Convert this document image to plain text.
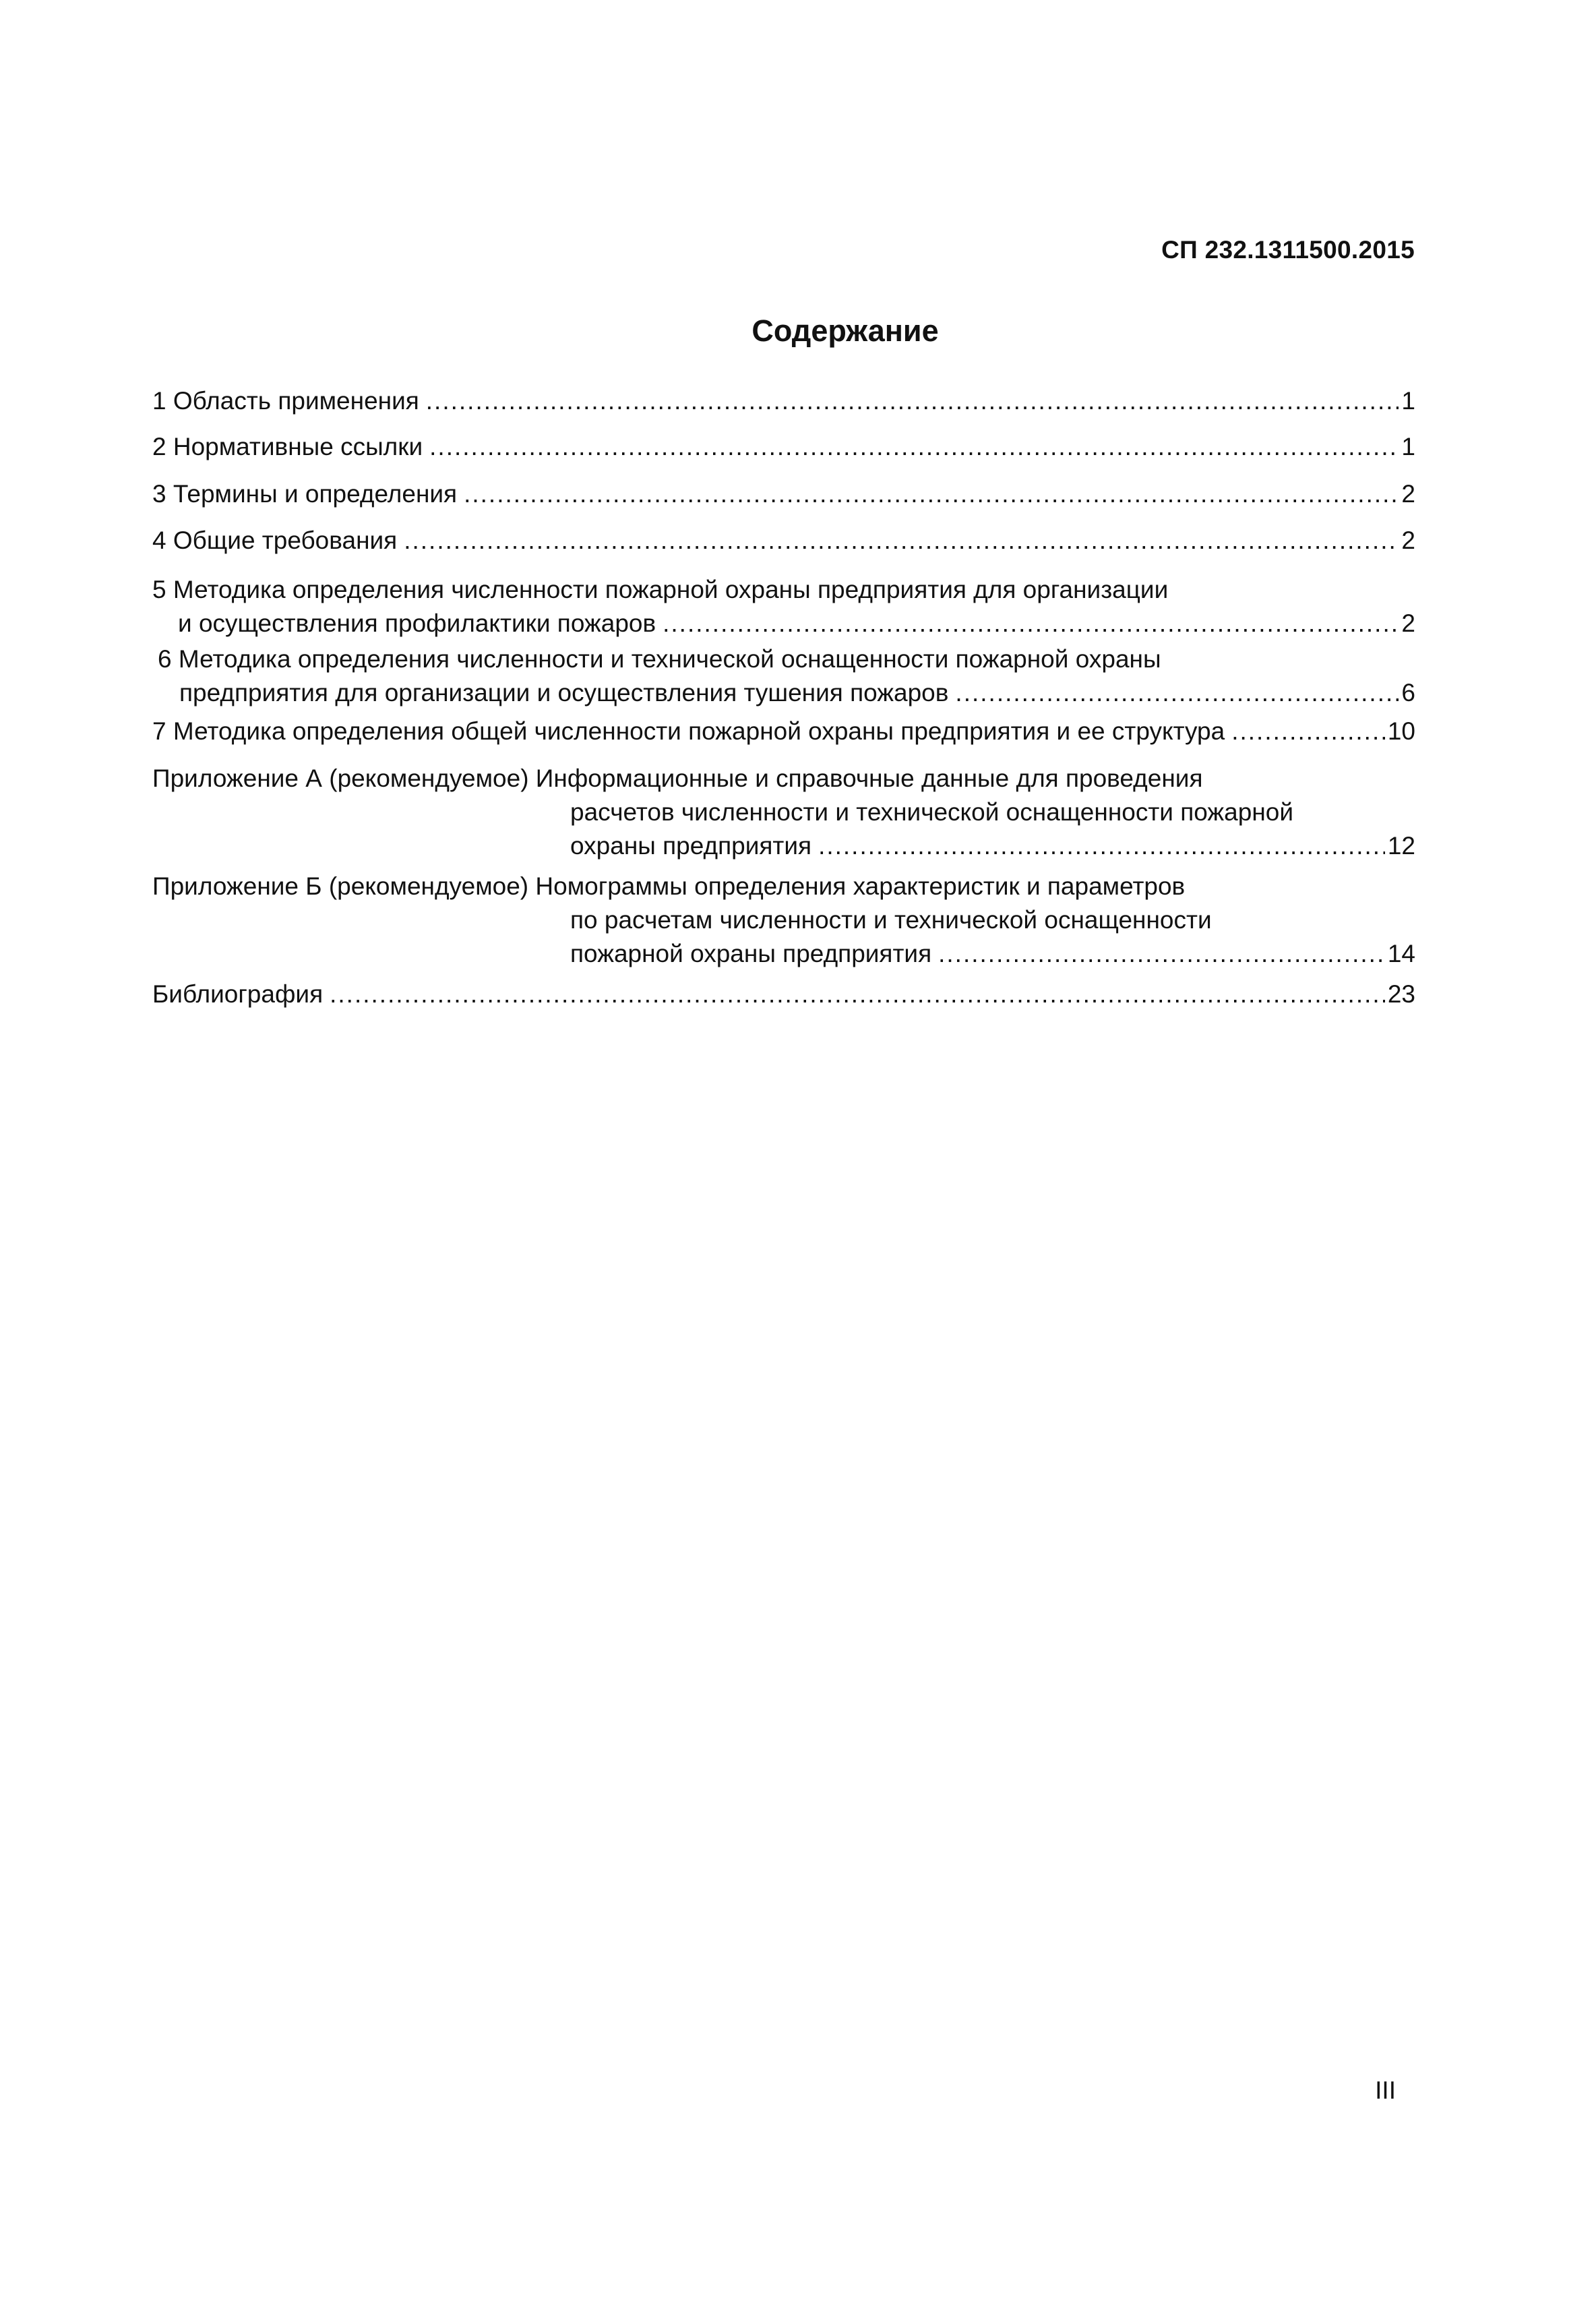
СП 232.1311500.2015
Содержание
1 Область применения .....	1
2 Нормативные ссылки .....	1
3 Термины и определения .....	2
4 Общие требования .....	2
5 Методика определения численности пожарной охраны предприятия для организации
и осуществления профилактики пожаров .....	2
6 Методика определения численности и технической оснащенности пожарной охраны
предприятия для организации и осуществления тушения пожаров .....	6
7 Методика определения общей численности пожарной охраны предприятия и ее структура .....	10
Приложение А (рекомендуемое) Информационные и справочные данные для проведения
расчетов численности и технической оснащенности пожарной
охраны предприятия .....	12
Приложение Б (рекомендуемое) Номограммы определения характеристик и параметров
по расчетам численности и технической оснащенности
пожарной охраны предприятия .....	14
Библиография .....	23
III
